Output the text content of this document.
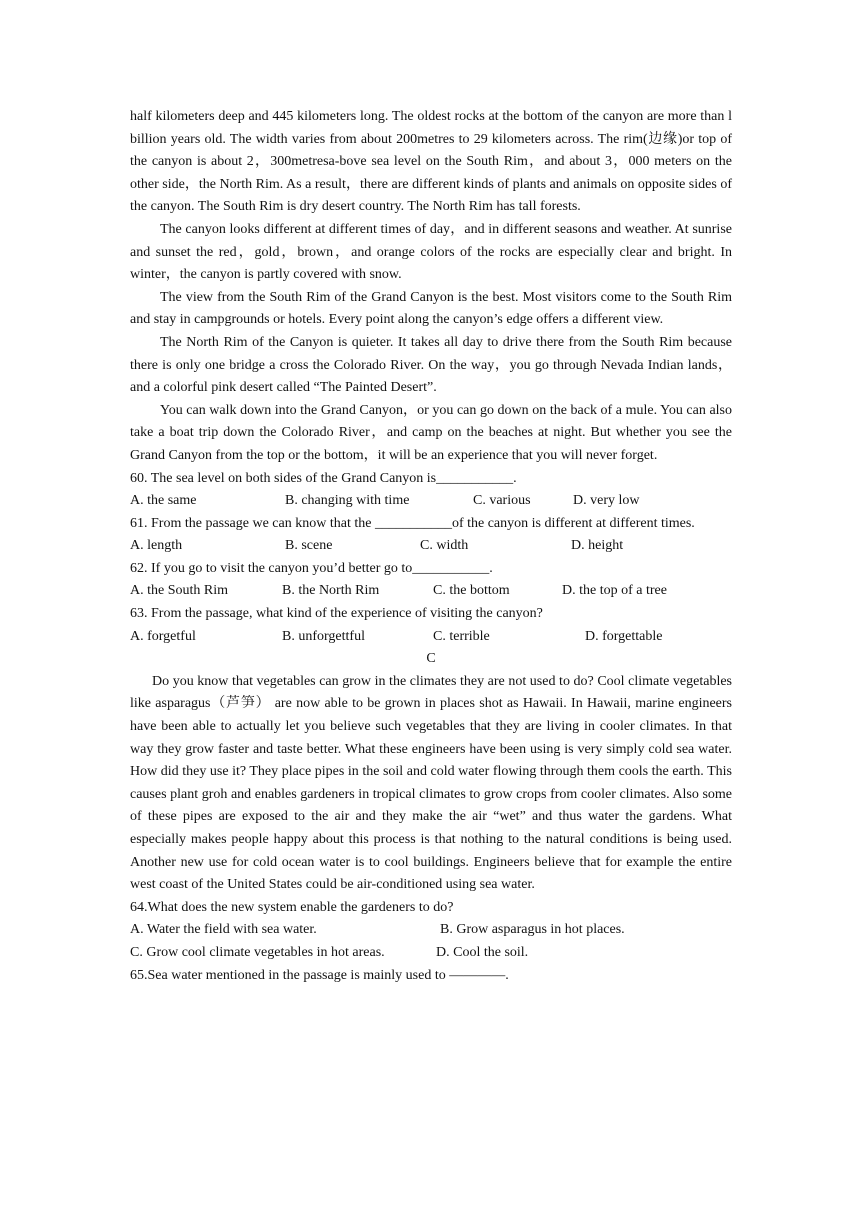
half kilometers deep and 445 kilometers long. The oldest rocks at the bottom of the canyon are more than l billion years old. The width varies from about 200metres to 29 kilometers across. The rim(边缘)or top of the canyon is about 2，300metresa-bove sea level on the South Rim，and about 3，000 meters on the other side，the North Rim. As a result，there are different kinds of plants and animals on opposite sides of the canyon. The South Rim is dry desert country. The North Rim has tall forests.

The canyon looks different at different times of day，and in different seasons and weather. At sunrise and sunset the red，gold，brown，and orange colors of the rocks are especially clear and bright. In winter，the canyon is partly covered with snow.

The view from the South Rim of the Grand Canyon is the best. Most visitors come to the South Rim and stay in campgrounds or hotels. Every point along the canyon’s edge offers a different view.

The North Rim of the Canyon is quieter. It takes all day to drive there from the South Rim because there is only one bridge a cross the Colorado River. On the way，you go through Nevada Indian lands，and a colorful pink desert called “The Painted Desert”.

You can walk down into the Grand Canyon，or you can go down on the back of a mule. You can also take a boat trip down the Colorado River，and camp on the beaches at night. But whether you see the Grand Canyon from the top or the bottom，it will be an experience that you will never forget.

60. The sea level on both sides of the Grand Canyon is___________.

A. the same	B. changing with time	C. various	D. very low

61. From the passage we can know that the ___________of the canyon is different at different times.

A. length	B. scene	C. width	D. height

62. If you go to visit the canyon you’d better go to___________.

A. the South Rim	B. the North Rim	C. the bottom	D. the top of a tree

63. From the passage, what kind of the experience of visiting the canyon?

A. forgetful	B. unforgettful	C. terrible	D. forgettable

C

Do you know that vegetables can grow in the climates they are not used to do? Cool climate vegetables like asparagus（芦笋） are now able to be grown in places shot as Hawaii. In Hawaii, marine engineers have been able to actually let you believe such vegetables that they are living in cooler climates. In that way they grow faster and taste better. What these engineers have been using is very simply cold sea water. How did they use it? They place pipes in the soil and cold water flowing through them cools the earth. This causes plant groh and enables gardeners in tropical climates to grow crops from cooler climates. Also some of these pipes are exposed to the air and they make the air “wet” and thus water the gardens. What especially makes people happy about this process is that nothing to the natural conditions is being used. Another new use for cold ocean water is to cool buildings. Engineers believe that for example the entire west coast of the United States could be air-conditioned using sea water.

64.What does the new system enable the gardeners to do?

A. Water the field with sea water.	B. Grow asparagus in hot places.
C. Grow cool climate vegetables in hot areas.	D. Cool the soil.

65.Sea water mentioned in the passage is mainly used to ————.
